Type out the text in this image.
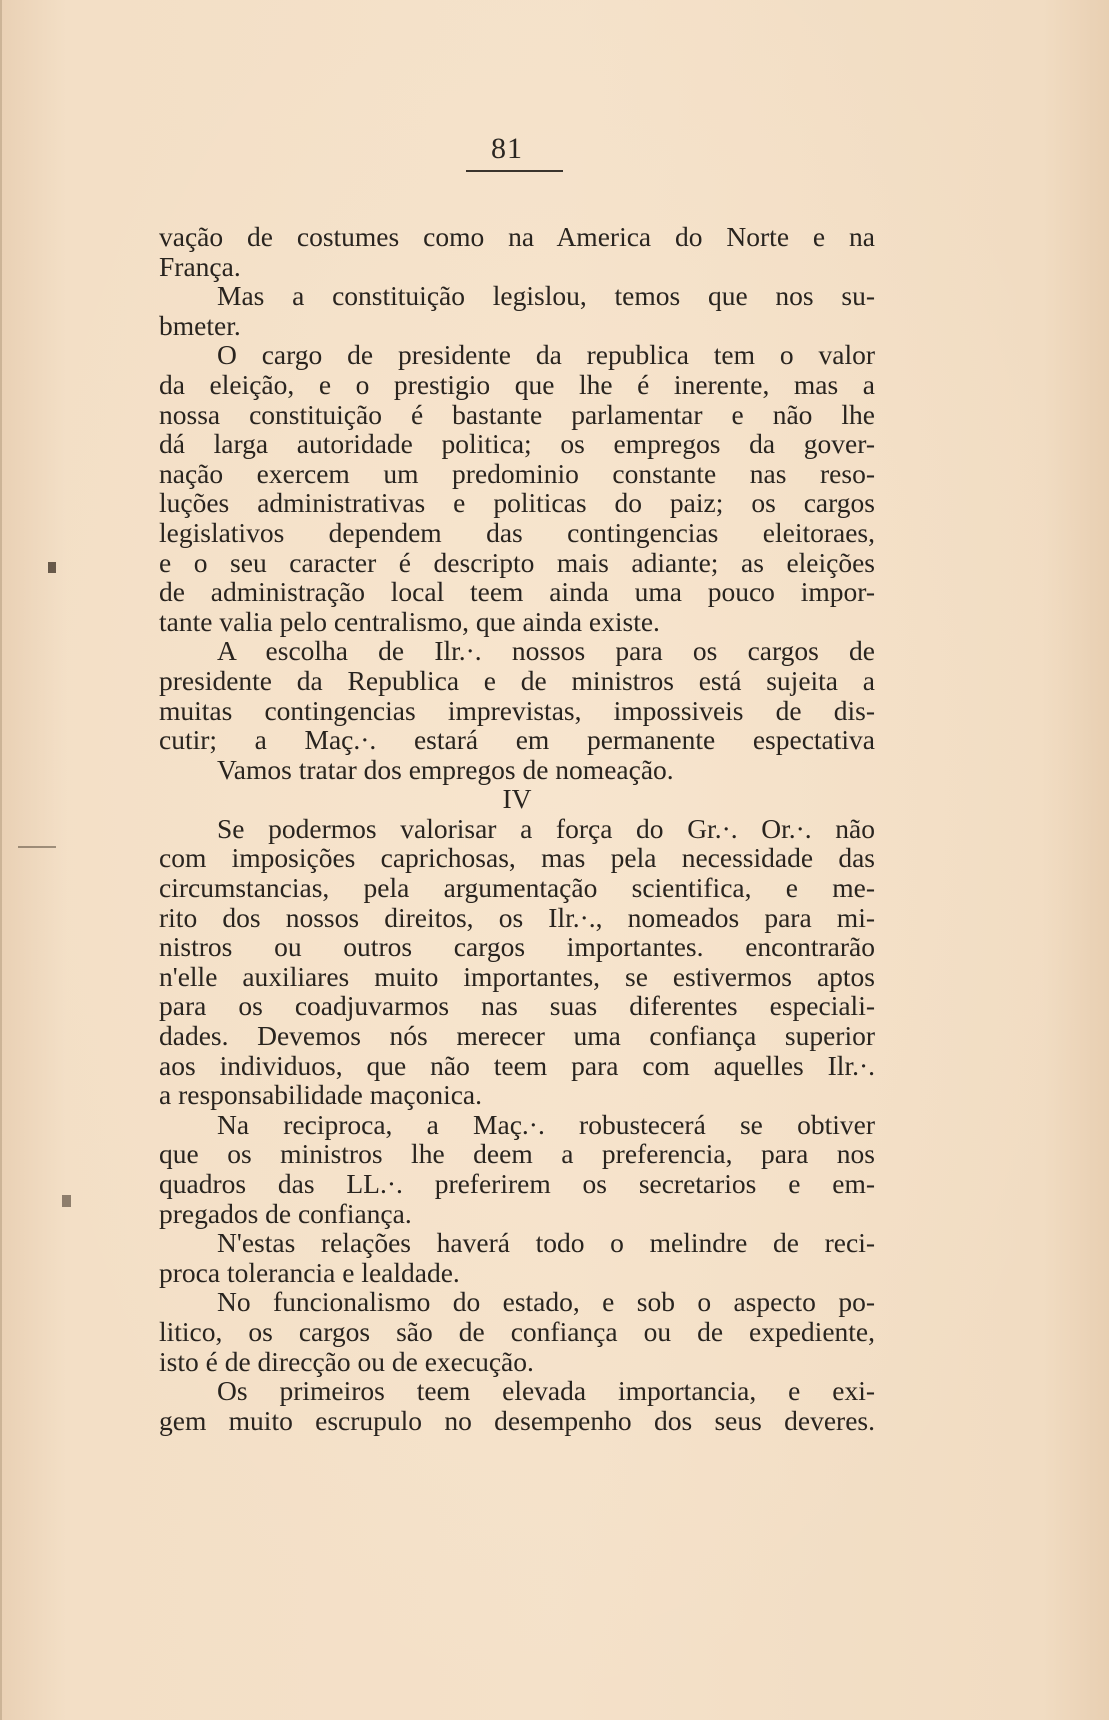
81
vação de costumes como na America do Norte e na
França.
Mas a constituição legislou, temos que nos su-
bmeter.
O cargo de presidente da republica tem o valor
da eleição, e o prestigio que lhe é inerente, mas a
nossa constituição é bastante parlamentar e não lhe
dá larga autoridade politica; os empregos da gover-
nação exercem um predominio constante nas reso-
luções administrativas e politicas do paiz; os cargos
legislativos dependem das contingencias eleitoraes,
e o seu caracter é descripto mais adiante; as eleições
de administração local teem ainda uma pouco impor-
tante valia pelo centralismo, que ainda existe.
A escolha de Ilr.·. nossos para os cargos de
presidente da Republica e de ministros está sujeita a
muitas contingencias imprevistas, impossiveis de dis-
cutir; a Maç.·. estará em permanente espectativa
Vamos tratar dos empregos de nomeação.
IV
Se podermos valorisar a força do Gr.·. Or.·. não
com imposições caprichosas, mas pela necessidade das
circumstancias, pela argumentação scientifica, e me-
rito dos nossos direitos, os Ilr.·., nomeados para mi-
nistros ou outros cargos importantes. encontrarão
n'elle auxiliares muito importantes, se estivermos aptos
para os coadjuvarmos nas suas diferentes especiali-
dades. Devemos nós merecer uma confiança superior
aos individuos, que não teem para com aquelles Ilr.·.
a responsabilidade maçonica.
Na reciproca, a Maç.·. robustecerá se obtiver
que os ministros lhe deem a preferencia, para nos
quadros das LL.·. preferirem os secretarios e em-
pregados de confiança.
N'estas relações haverá todo o melindre de reci-
proca tolerancia e lealdade.
No funcionalismo do estado, e sob o aspecto po-
litico, os cargos são de confiança ou de expediente,
isto é de direcção ou de execução.
Os primeiros teem elevada importancia, e exi-
gem muito escrupulo no desempenho dos seus deveres.
